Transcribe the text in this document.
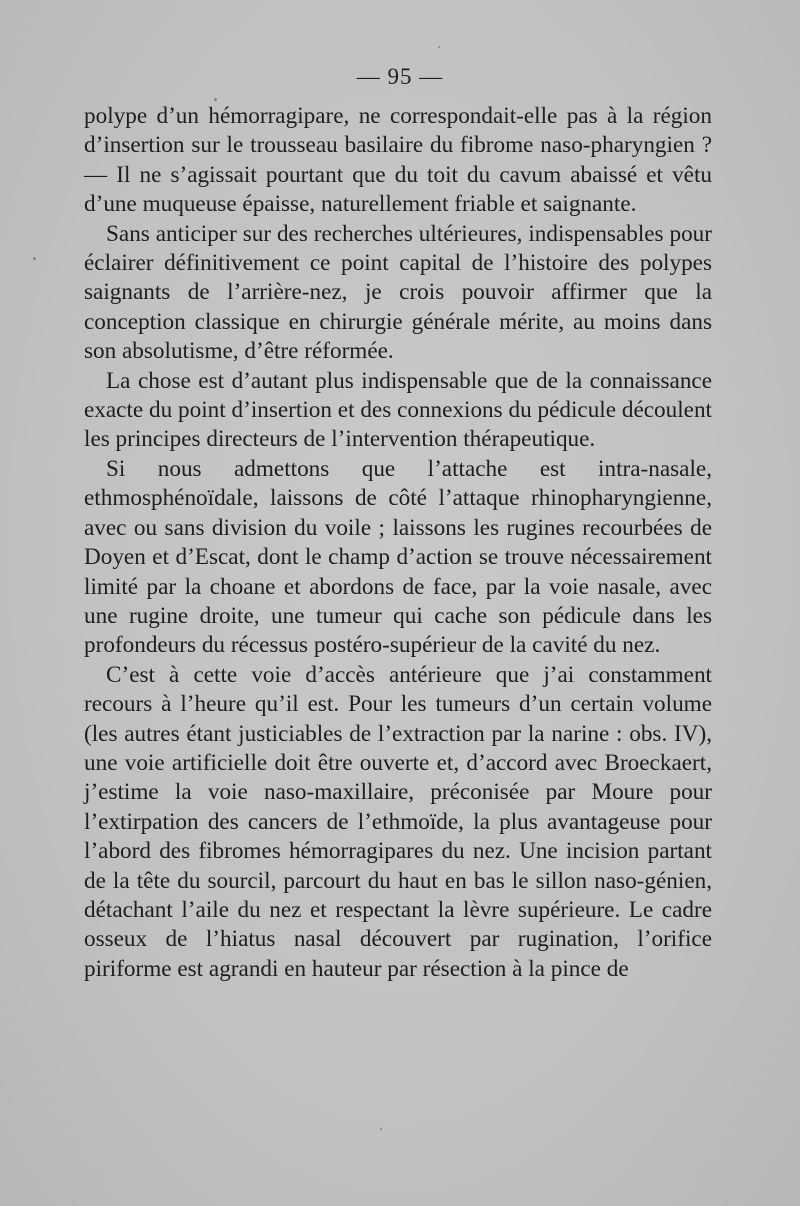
— 95 —

polype d’un hémorragipare, ne correspondait-elle pas à la région d’insertion sur le trousseau basilaire du fibrome naso-pharyngien ? — Il ne s’agissait pourtant que du toit du cavum abaissé et vêtu d’une muqueuse épaisse, naturellement friable et saignante.

Sans anticiper sur des recherches ultérieures, indispensables pour éclairer définitivement ce point capital de l’histoire des polypes saignants de l’arrière-nez, je crois pouvoir affirmer que la conception classique en chirurgie générale mérite, au moins dans son absolutisme, d’être réformée.

La chose est d’autant plus indispensable que de la connaissance exacte du point d’insertion et des connexions du pédicule découlent les principes directeurs de l’intervention thérapeutique.

Si nous admettons que l’attache est intra-nasale, ethmosphénoïdale, laissons de côté l’attaque rhinopharyngienne, avec ou sans division du voile ; laissons les rugines recourbées de Doyen et d’Escat, dont le champ d’action se trouve nécessairement limité par la choane et abordons de face, par la voie nasale, avec une rugine droite, une tumeur qui cache son pédicule dans les profondeurs du récessus postéro-supérieur de la cavité du nez.

C’est à cette voie d’accès antérieure que j’ai constamment recours à l’heure qu’il est. Pour les tumeurs d’un certain volume (les autres étant justiciables de l’extraction par la narine : obs. IV), une voie artificielle doit être ouverte et, d’accord avec Broeckaert, j’estime la voie naso-maxillaire, préconisée par Moure pour l’extirpation des cancers de l’ethmoïde, la plus avantageuse pour l’abord des fibromes hémorragipares du nez. Une incision partant de la tête du sourcil, parcourt du haut en bas le sillon naso-génien, détachant l’aile du nez et respectant la lèvre supérieure. Le cadre osseux de l’hiatus nasal découvert par rugination, l’orifice piriforme est agrandi en hauteur par résection à la pince de
